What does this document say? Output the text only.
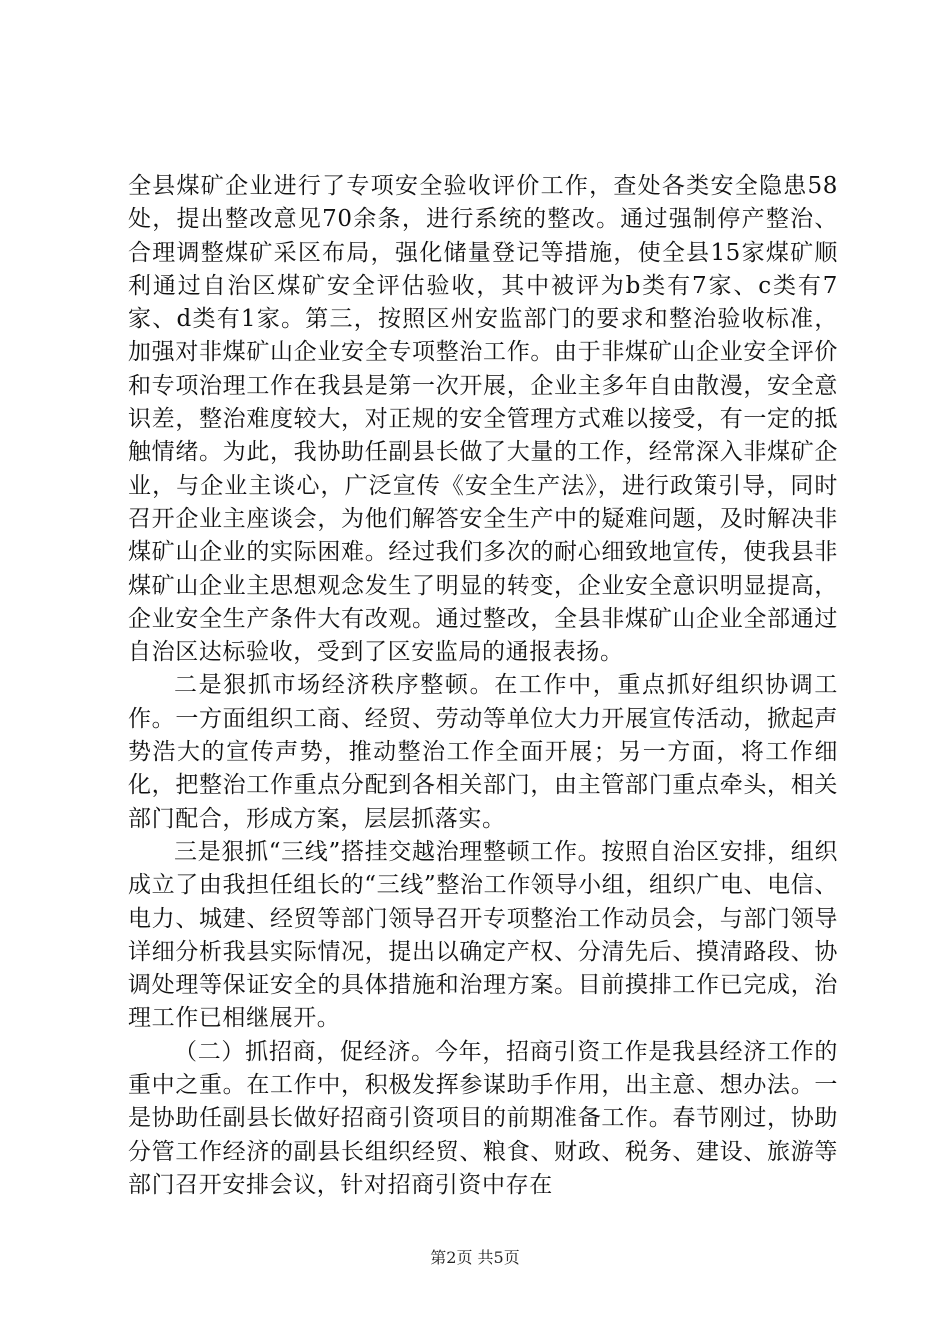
全县煤矿企业进行了专项安全验收评价工作，查处各类安全隐患58处，提出整改意见70余条，进行系统的整改。通过强制停产整治、合理调整煤矿采区布局，强化储量登记等措施，使全县15家煤矿顺利通过自治区煤矿安全评估验收，其中被评为b类有7家、c类有7家、d类有1家。第三，按照区州安监部门的要求和整治验收标准，加强对非煤矿山企业安全专项整治工作。由于非煤矿山企业安全评价和专项治理工作在我县是第一次开展，企业主多年自由散漫，安全意识差，整治难度较大，对正规的安全管理方式难以接受，有一定的抵触情绪。为此，我协助任副县长做了大量的工作，经常深入非煤矿企业，与企业主谈心，广泛宣传《安全生产法》，进行政策引导，同时召开企业主座谈会，为他们解答安全生产中的疑难问题，及时解决非煤矿山企业的实际困难。经过我们多次的耐心细致地宣传，使我县非煤矿山企业主思想观念发生了明显的转变，企业安全意识明显提高，企业安全生产条件大有改观。通过整改，全县非煤矿山企业全部通过自治区达标验收，受到了区安监局的通报表扬。

二是狠抓市场经济秩序整顿。在工作中，重点抓好组织协调工作。一方面组织工商、经贸、劳动等单位大力开展宣传活动，掀起声势浩大的宣传声势，推动整治工作全面开展；另一方面，将工作细化，把整治工作重点分配到各相关部门，由主管部门重点牵头，相关部门配合，形成方案，层层抓落实。

三是狠抓“三线”搭挂交越治理整顿工作。按照自治区安排，组织成立了由我担任组长的“三线”整治工作领导小组，组织广电、电信、电力、城建、经贸等部门领导召开专项整治工作动员会，与部门领导详细分析我县实际情况，提出以确定产权、分清先后、摸清路段、协调处理等保证安全的具体措施和治理方案。目前摸排工作已完成，治理工作已相继展开。

（二）抓招商，促经济。今年，招商引资工作是我县经济工作的重中之重。在工作中，积极发挥参谋助手作用，出主意、想办法。一是协助任副县长做好招商引资项目的前期准备工作。春节刚过，协助分管工作经济的副县长组织经贸、粮食、财政、税务、建设、旅游等部门召开安排会议，针对招商引资中存在

第2页 共5页
